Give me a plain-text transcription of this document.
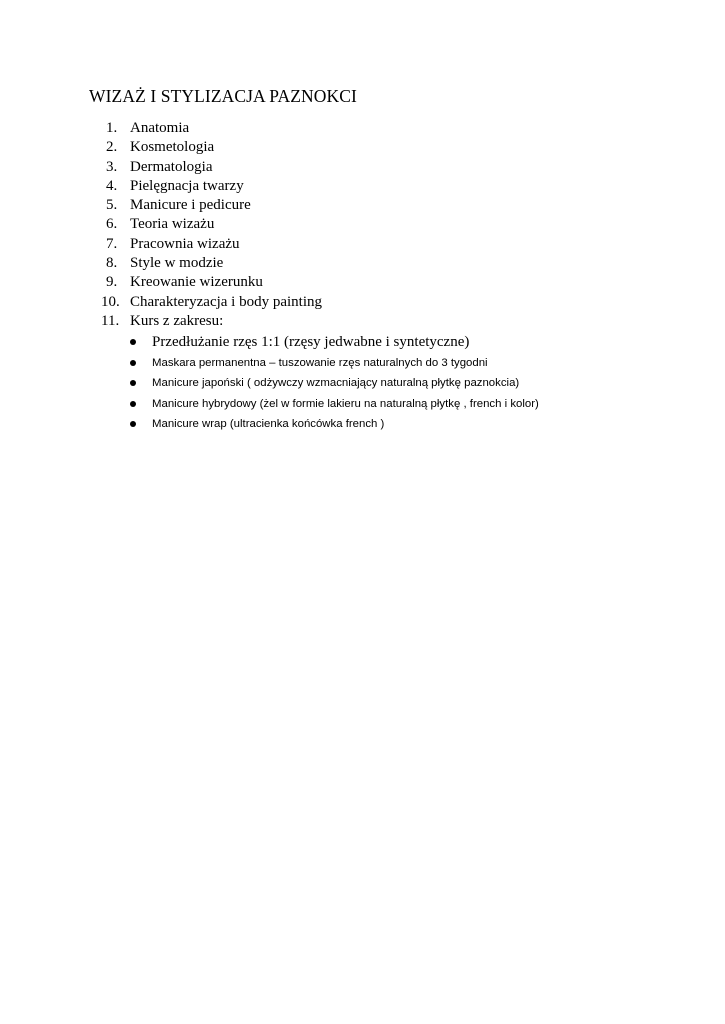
WIZAŻ I STYLIZACJA PAZNOKCI
1. Anatomia
2. Kosmetologia
3. Dermatologia
4. Pielęgnacja twarzy
5. Manicure i pedicure
6. Teoria wizażu
7. Pracownia wizażu
8. Style w modzie
9. Kreowanie wizerunku
10. Charakteryzacja i body painting
11. Kurs z zakresu:
Przedłużanie rzęs 1:1 (rzęsy jedwabne i syntetyczne)
Maskara permanentna – tuszowanie rzęs naturalnych do 3 tygodni
Manicure japoński ( odżywczy wzmacniający naturalną płytkę paznokcia)
Manicure hybrydowy (żel w formie lakieru na naturalną płytkę , french i kolor)
Manicure wrap (ultracienka końcówka french )
